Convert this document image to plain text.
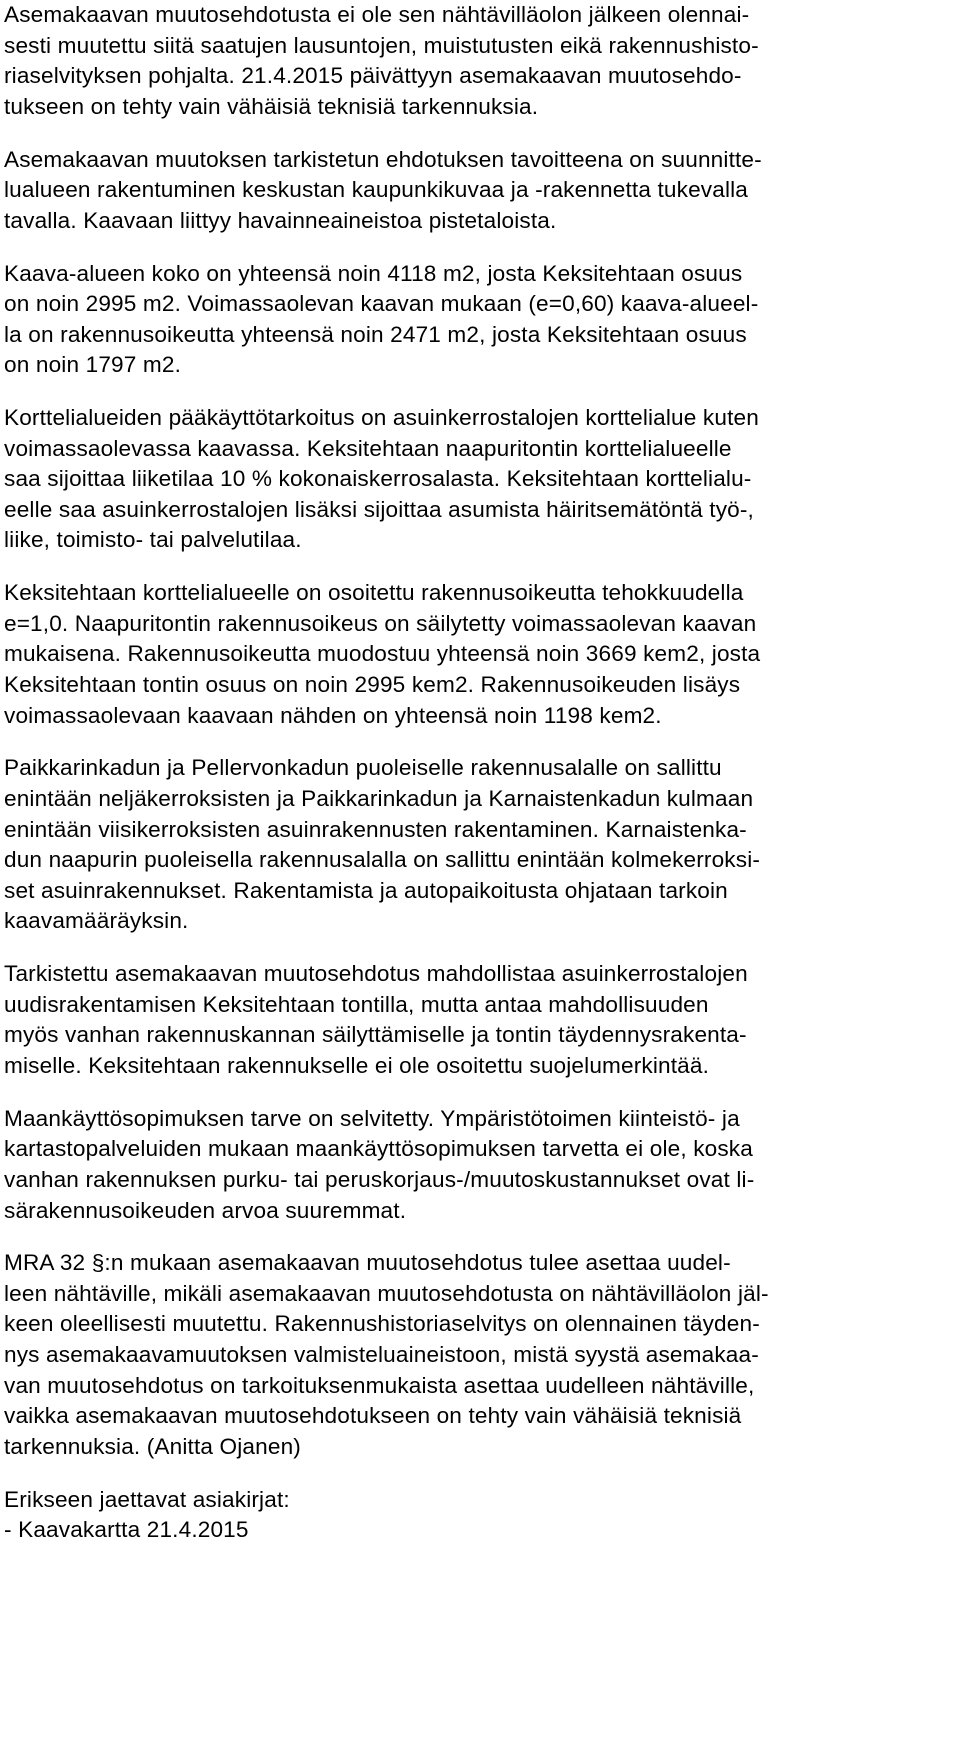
Asemakaavan muutosehdotusta ei ole sen nähtävilläolon jälkeen olennai-
sesti muutettu siitä saatujen lausuntojen, muistutusten eikä rakennushisto-
riaselvityksen pohjalta. 21.4.2015 päivättyyn asemakaavan muutosehdo-
tukseen on tehty vain vähäisiä teknisiä tarkennuksia.
Asemakaavan muutoksen tarkistetun ehdotuksen tavoitteena on suunnitte-
lualueen rakentuminen keskustan kaupunkikuvaa ja -rakennetta tukevalla
tavalla. Kaavaan liittyy havainneaineistoa pistetaloista.
Kaava-alueen koko on yhteensä noin 4118 m2, josta Keksitehtaan osuus
on noin 2995 m2. Voimassaolevan kaavan mukaan (e=0,60) kaava-alueel-
la on rakennusoikeutta yhteensä noin 2471 m2, josta Keksitehtaan osuus
on noin 1797 m2.
Korttelialueiden pääkäyttötarkoitus on asuinkerrostalojen korttelialue kuten
voimassaolevassa kaavassa. Keksitehtaan naapuritontin korttelialueelle
saa sijoittaa liiketilaa 10 % kokonaiskerrosalasta. Keksitehtaan korttelialu-
eelle saa asuinkerrostalojen lisäksi sijoittaa asumista häiritsemätöntä työ-,
liike, toimisto- tai palvelutilaa.
Keksitehtaan korttelialueelle on osoitettu rakennusoikeutta tehokkuudella
e=1,0. Naapuritontin rakennusoikeus on säilytetty voimassaolevan kaavan
mukaisena. Rakennusoikeutta muodostuu yhteensä noin 3669 kem2, josta
Keksitehtaan tontin osuus on noin 2995 kem2. Rakennusoikeuden lisäys
voimassaolevaan kaavaan nähden on yhteensä noin 1198 kem2.
Paikkarinkadun ja Pellervonkadun puoleiselle rakennusalalle on sallittu
enintään neljäkerroksisten ja Paikkarinkadun ja Karnaistenkadun kulmaan
enintään viisikerroksisten asuinrakennusten rakentaminen. Karnaistenka-
dun naapurin puoleisella rakennusalalla on sallittu enintään kolmekerroksi-
set asuinrakennukset. Rakentamista ja autopaikoitusta ohjataan tarkoin
kaavamääräyksin.
Tarkistettu asemakaavan muutosehdotus mahdollistaa asuinkerrostalojen
uudisrakentamisen Keksitehtaan tontilla, mutta antaa mahdollisuuden
myös vanhan rakennuskannan säilyttämiselle ja tontin täydennysrakenta-
miselle. Keksitehtaan rakennukselle ei ole osoitettu suojelumerkintää.
Maankäyttösopimuksen tarve on selvitetty. Ympäristötoimen kiinteistö- ja
kartastopalveluiden mukaan maankäyttösopimuksen tarvetta ei ole, koska
vanhan rakennuksen purku- tai peruskorjaus-/muutoskustannukset ovat li-
särakennusoikeuden arvoa suuremmat.
MRA 32 §:n mukaan asemakaavan muutosehdotus tulee asettaa uudel-
leen nähtäville, mikäli asemakaavan muutosehdotusta on nähtävilläolon jäl-
keen oleellisesti muutettu. Rakennushistoriaselvitys on olennainen täyden-
nys asemakaavamuutoksen valmisteluaineistoon, mistä syystä asemakaa-
van muutosehdotus on tarkoituksenmukaista asettaa uudelleen nähtäville,
vaikka asemakaavan muutosehdotukseen on tehty vain vähäisiä teknisiä
tarkennuksia. (Anitta Ojanen)
Erikseen jaettavat asiakirjat:
- Kaavakartta 21.4.2015
